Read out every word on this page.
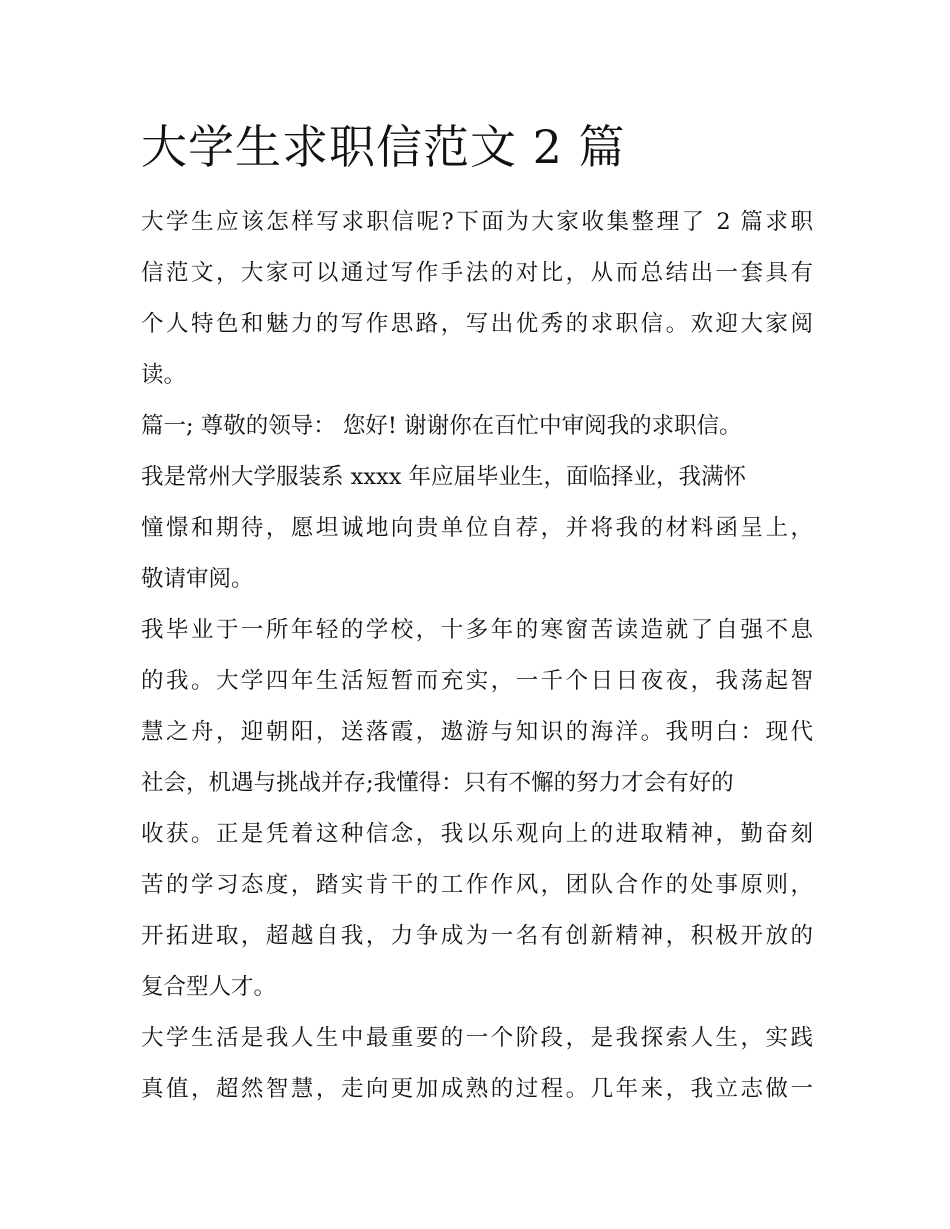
大学生求职信范文 2 篇
大学生应该怎样写求职信呢?下面为大家收集整理了 2 篇求职
信范文，大家可以通过写作手法的对比，从而总结出一套具有
个人特色和魅力的写作思路，写出优秀的求职信。欢迎大家阅
读。
篇一; 尊敬的领导： 您好! 谢谢你在百忙中审阅我的求职信。
我是常州大学服装系 xxxx 年应届毕业生，面临择业，我满怀
憧憬和期待，愿坦诚地向贵单位自荐，并将我的材料函呈上，
敬请审阅。
我毕业于一所年轻的学校，十多年的寒窗苦读造就了自强不息
的我。大学四年生活短暂而充实，一千个日日夜夜，我荡起智
慧之舟，迎朝阳，送落霞，遨游与知识的海洋。我明白：现代
社会，机遇与挑战并存;我懂得：只有不懈的努力才会有好的
收获。正是凭着这种信念，我以乐观向上的进取精神，勤奋刻
苦的学习态度，踏实肯干的工作作风，团队合作的处事原则，
开拓进取，超越自我，力争成为一名有创新精神，积极开放的
复合型人才。
大学生活是我人生中最重要的一个阶段，是我探索人生，实践
真值，超然智慧，走向更加成熟的过程。几年来，我立志做一
